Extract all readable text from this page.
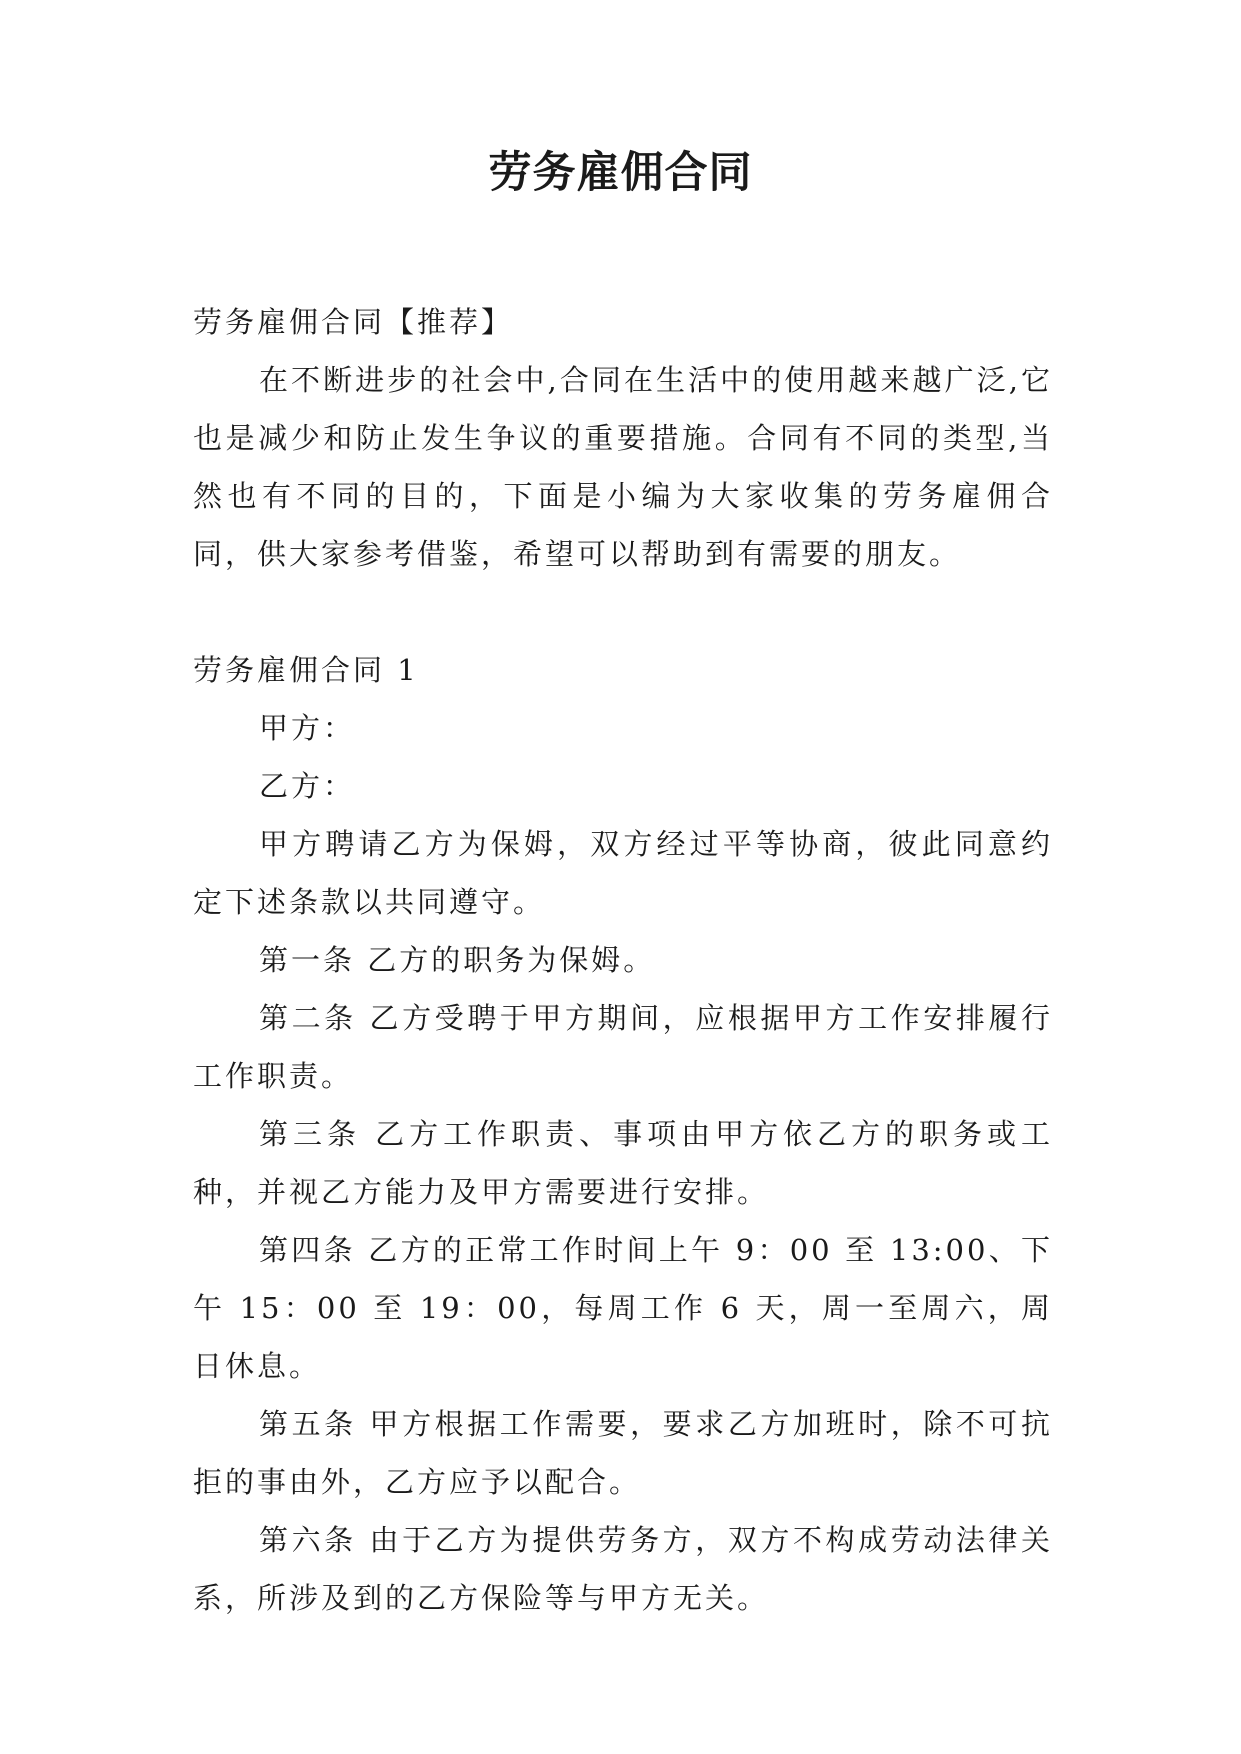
劳务雇佣合同

劳务雇佣合同【推荐】

在不断进步的社会中,合同在生活中的使用越来越广泛,它也是减少和防止发生争议的重要措施。合同有不同的类型,当然也有不同的目的，下面是小编为大家收集的劳务雇佣合同，供大家参考借鉴，希望可以帮助到有需要的朋友。

劳务雇佣合同 1

甲方：

乙方：

甲方聘请乙方为保姆，双方经过平等协商，彼此同意约定下述条款以共同遵守。

第一条 乙方的职务为保姆。

第二条 乙方受聘于甲方期间，应根据甲方工作安排履行工作职责。

第三条 乙方工作职责、事项由甲方依乙方的职务或工种，并视乙方能力及甲方需要进行安排。

第四条 乙方的正常工作时间上午 9：00 至 13:00、下午 15：00 至 19：00，每周工作 6 天，周一至周六，周日休息。

第五条 甲方根据工作需要，要求乙方加班时，除不可抗拒的事由外，乙方应予以配合。

第六条 由于乙方为提供劳务方，双方不构成劳动法律关系，所涉及到的乙方保险等与甲方无关。
